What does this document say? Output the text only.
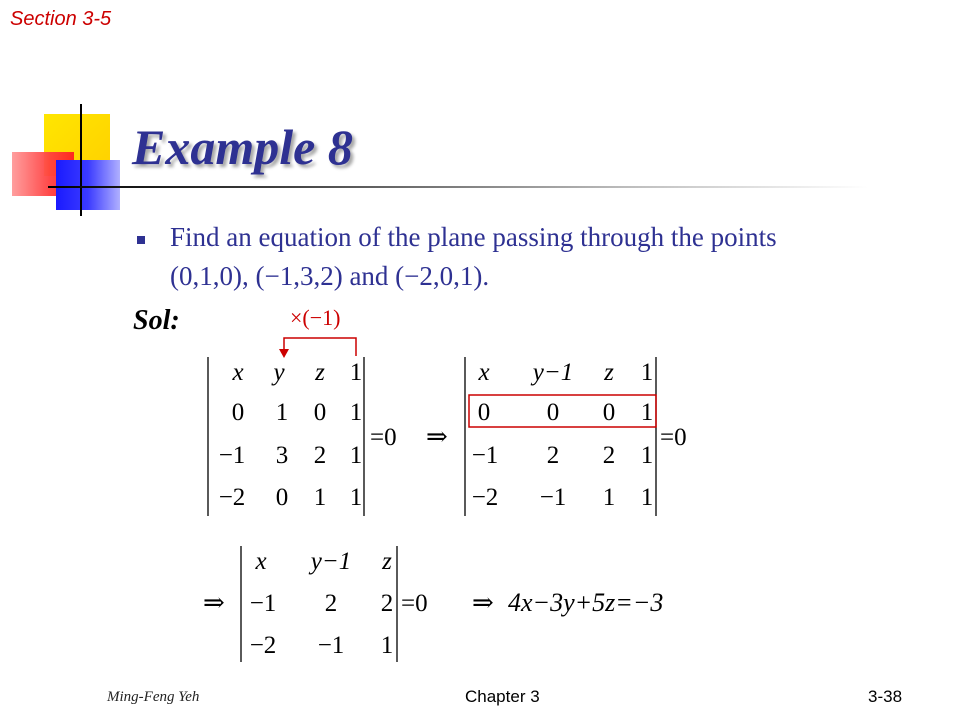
Section 3-5
Example 8
Find an equation of the plane passing through the points
(0,1,0), (−1,3,2) and (−2,0,1).
Sol:	×(−1)
x y z 1
0 1 0 1
−1 3 2 1
−2 0 1 1
=0 ⇒
x y−1 z 1
0 0 0 1
−1 2 2 1
−2 −1 1 1
=0
⇒
x y−1 z
−1 2 2
−2 −1 1
=0 ⇒ 4x−3y+5z=−3
Ming-Feng Yeh	Chapter 3	3-38
